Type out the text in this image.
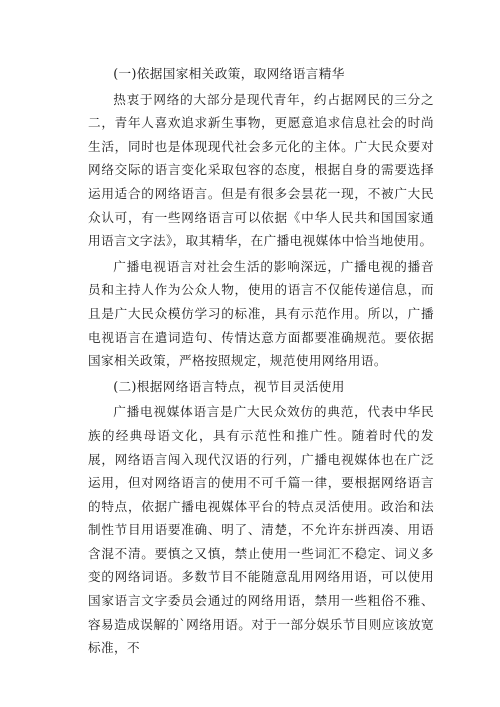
(一)依据国家相关政策，取网络语言精华

热衷于网络的大部分是现代青年，约占据网民的三分之二，青年人喜欢追求新生事物，更愿意追求信息社会的时尚生活，同时也是体现现代社会多元化的主体。广大民众要对网络交际的语言变化采取包容的态度，根据自身的需要选择运用适合的网络语言。但是有很多会昙花一现，不被广大民众认可，有一些网络语言可以依据《中华人民共和国国家通用语言文字法》，取其精华，在广播电视媒体中恰当地使用。

广播电视语言对社会生活的影响深远，广播电视的播音员和主持人作为公众人物，使用的语言不仅能传递信息，而且是广大民众模仿学习的标准，具有示范作用。所以，广播电视语言在遣词造句、传情达意方面都要准确规范。要依据国家相关政策，严格按照规定，规范使用网络用语。

(二)根据网络语言特点，视节目灵活使用

广播电视媒体语言是广大民众效仿的典范，代表中华民族的经典母语文化，具有示范性和推广性。随着时代的发展，网络语言闯入现代汉语的行列，广播电视媒体也在广泛运用，但对网络语言的使用不可千篇一律，要根据网络语言的特点，依据广播电视媒体平台的特点灵活使用。政治和法制性节目用语要准确、明了、清楚，不允许东拼西凑、用语含混不清。要慎之又慎，禁止使用一些词汇不稳定、词义多变的网络词语。多数节目不能随意乱用网络用语，可以使用国家语言文字委员会通过的网络用语，禁用一些粗俗不雅、容易造成误解的`网络用语。对于一部分娱乐节目则应该放宽标准，不
